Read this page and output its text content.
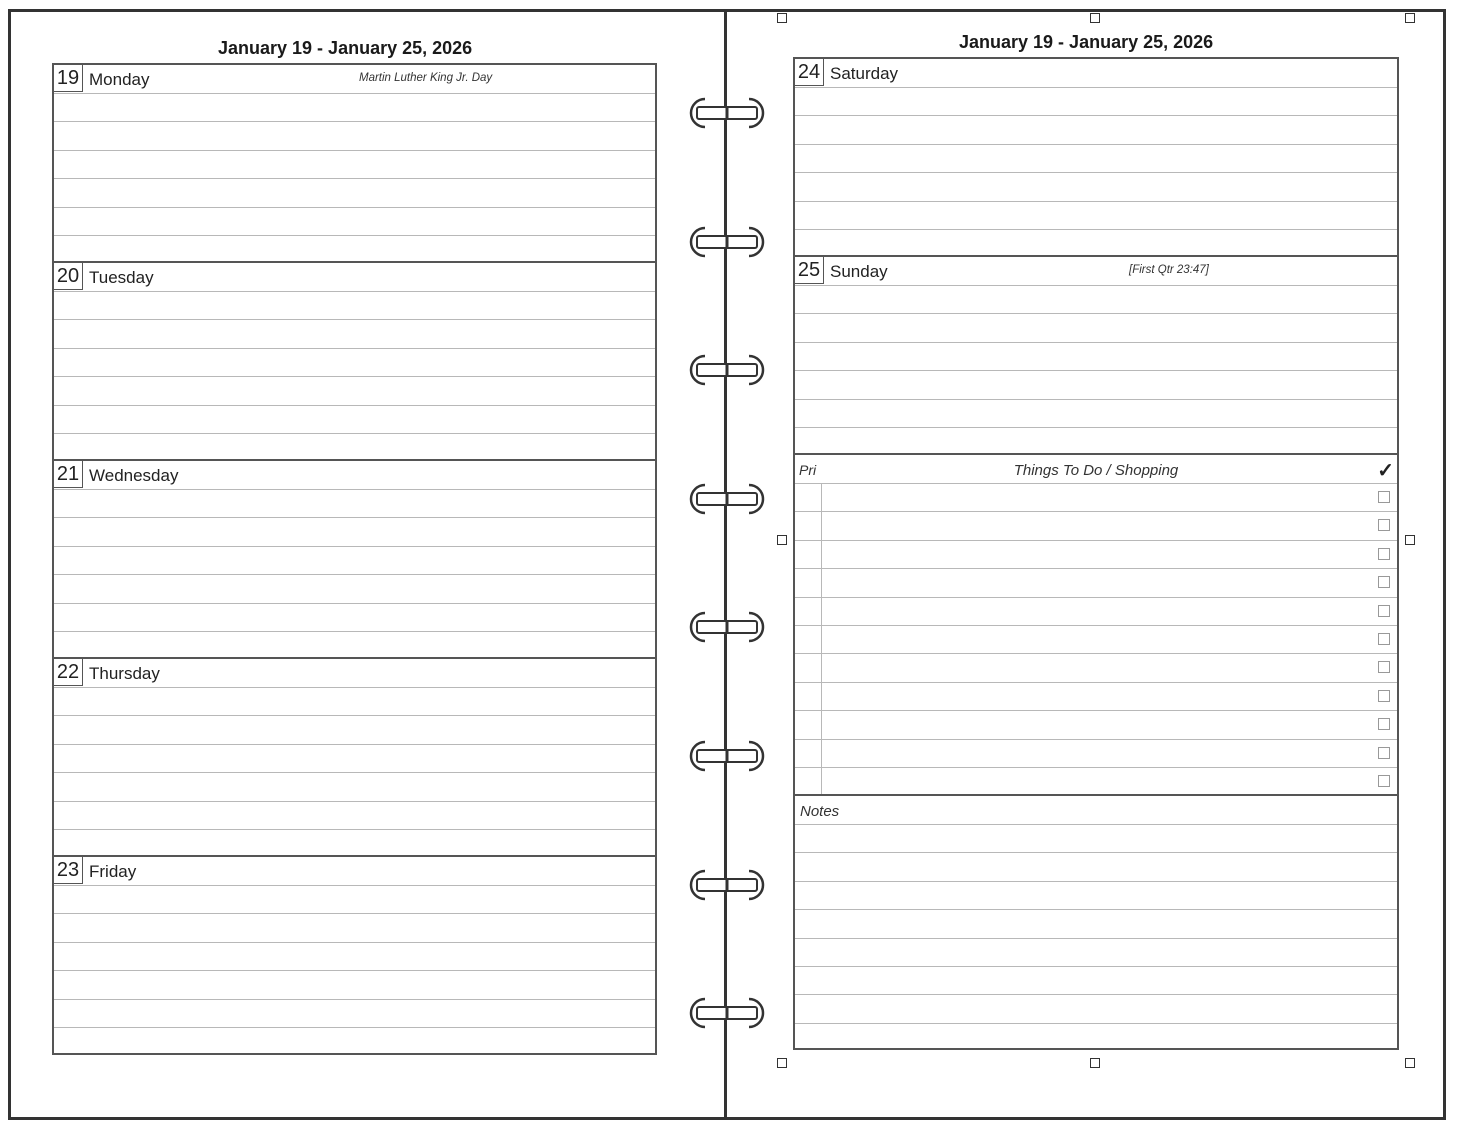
January 19 - January 25, 2026
19 Monday	Martin Luther King Jr. Day
20 Tuesday
21 Wednesday
22 Thursday
23 Friday
January 19 - January 25, 2026
24 Saturday
25 Sunday	[First Qtr 23:47]
Pri	Things To Do / Shopping	✓
Notes
